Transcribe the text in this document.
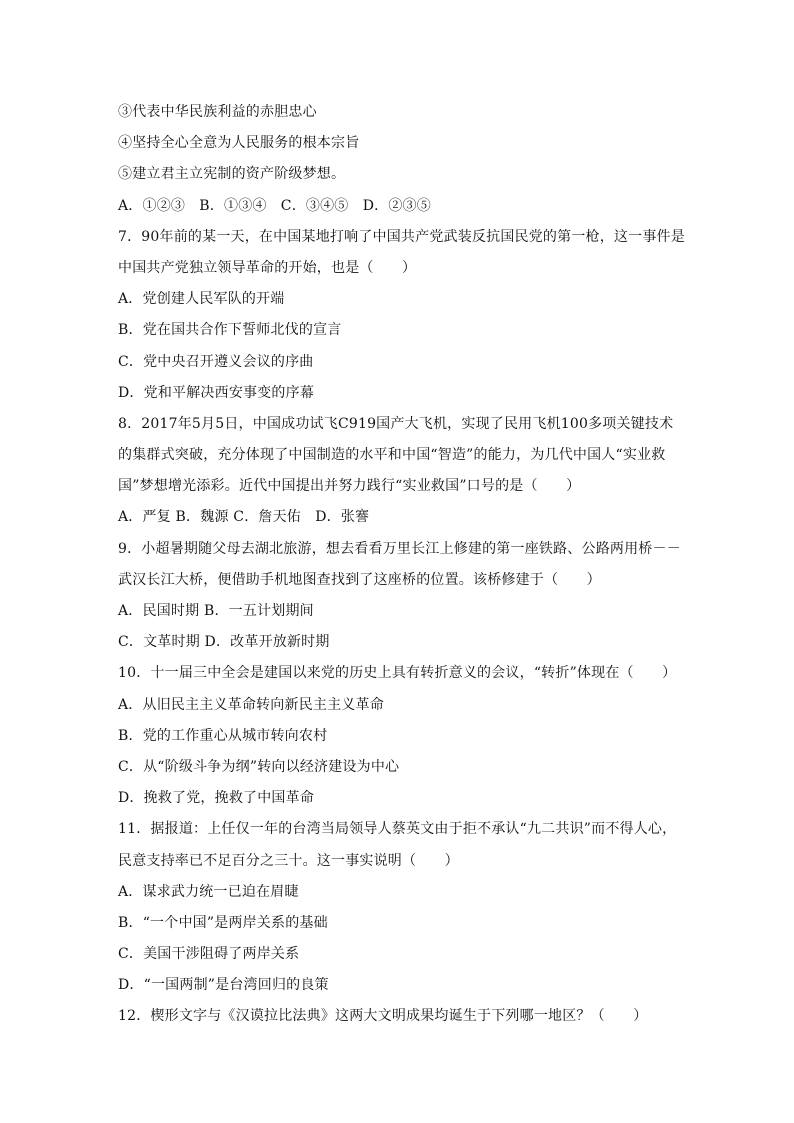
③代表中华民族利益的赤胆忠心
④坚持全心全意为人民服务的根本宗旨
⑤建立君主立宪制的资产阶级梦想。
A．①②③　B．①③④　C．③④⑤　D．②③⑤
7．90年前的某一天，在中国某地打响了中国共产党武装反抗国民党的第一枪，这一事件是
中国共产党独立领导革命的开始，也是（　　）
A．党创建人民军队的开端
B．党在国共合作下誓师北伐的宣言
C．党中央召开遵义会议的序曲
D．党和平解决西安事变的序幕
8．2017年5月5日，中国成功试飞C919国产大飞机，实现了民用飞机100多项关键技术
的集群式突破，充分体现了中国制造的水平和中国“智造”的能力，为几代中国人“实业救
国”梦想增光添彩。近代中国提出并努力践行“实业救国”口号的是（　　）
A．严复 B．魏源 C．詹天佑　D．张謇
9．小超暑期随父母去湖北旅游，想去看看万里长江上修建的第一座铁路、公路两用桥－－
武汉长江大桥，便借助手机地图查找到了这座桥的位置。该桥修建于（　　）
A．民国时期 B．一五计划期间
C．文革时期 D．改革开放新时期
10．十一届三中全会是建国以来党的历史上具有转折意义的会议，“转折”体现在（　　）
A．从旧民主主义革命转向新民主主义革命
B．党的工作重心从城市转向农村
C．从“阶级斗争为纲”转向以经济建设为中心
D．挽救了党，挽救了中国革命
11．据报道：上任仅一年的台湾当局领导人蔡英文由于拒不承认“九二共识”而不得人心，
民意支持率已不足百分之三十。这一事实说明（　　）
A．谋求武力统一已迫在眉睫
B．“一个中国”是两岸关系的基础
C．美国干涉阻碍了两岸关系
D．“一国两制”是台湾回归的良策
12．楔形文字与《汉谟拉比法典》这两大文明成果均诞生于下列哪一地区？（　　）
